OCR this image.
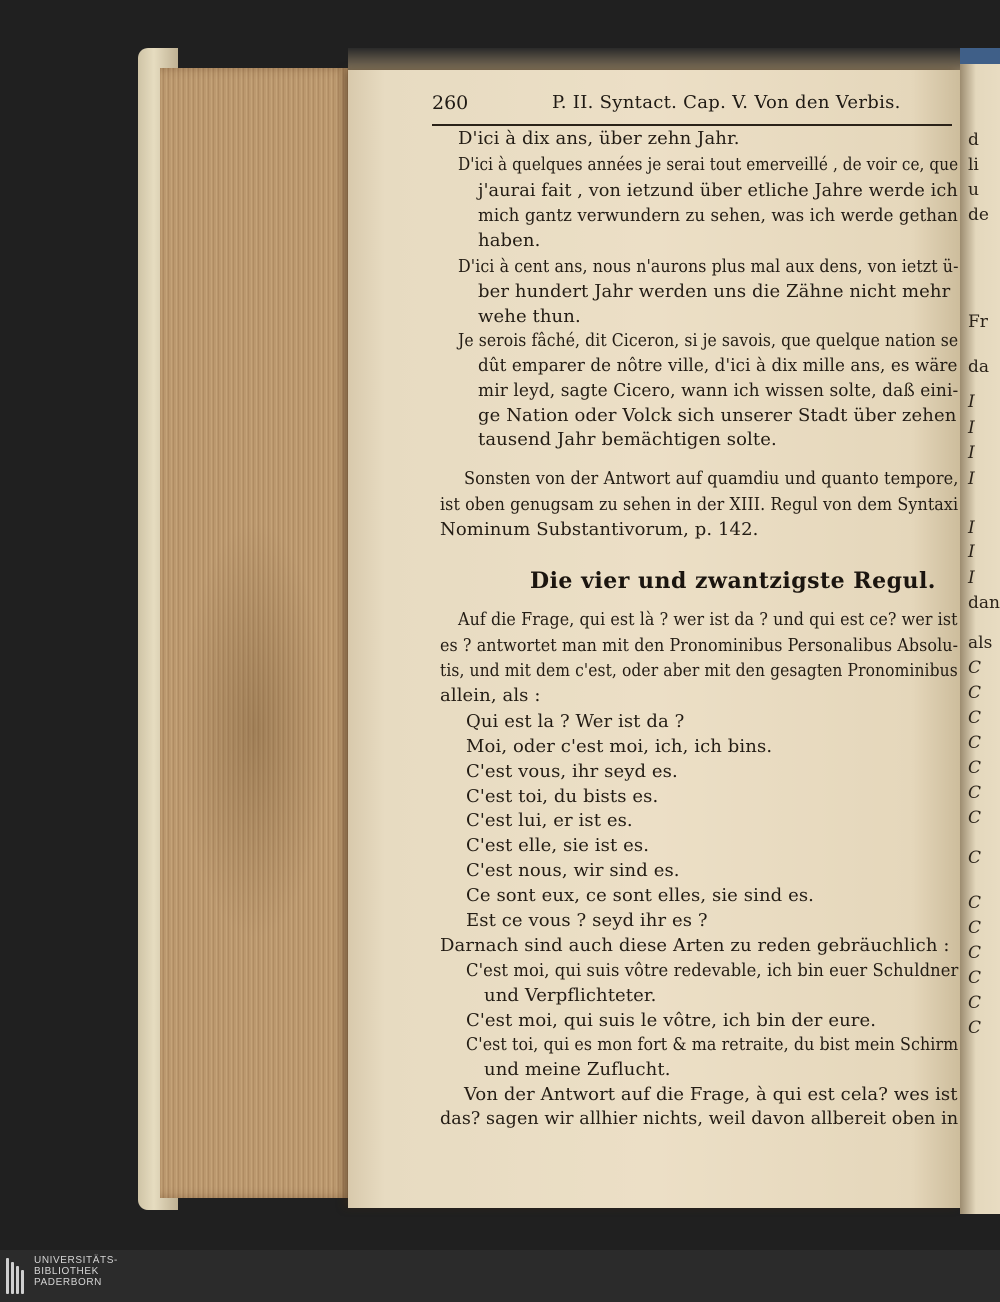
260	P. II. Syntact. Cap. V. Von den Verbis.
D'ici à dix ans, über zehn Jahr.
D'ici à quelques années je serai tout emerveillé , de voir ce, que
j'aurai fait , von ietzund über etliche Jahre werde ich
mich gantz verwundern zu sehen, was ich werde gethan
haben.
D'ici à cent ans, nous n'aurons plus mal aux dens, von ietzt ü-
ber hundert Jahr werden uns die Zähne nicht mehr
wehe thun.
Je serois fâché, dit Ciceron, si je savois, que quelque nation se
dût emparer de nôtre ville, d'ici à dix mille ans, es wäre
mir leyd, sagte Cicero, wann ich wissen solte, daß eini-
ge Nation oder Volck sich unserer Stadt über zehen
tausend Jahr bemächtigen solte.
Sonsten von der Antwort auf quamdiu und quanto tempore,
ist oben genugsam zu sehen in der XIII. Regul von dem Syntaxi
Nominum Substantivorum, p. 142.
Auf die Frage, qui est là ? wer ist da ? und qui est ce? wer ist
es ? antwortet man mit den Pronominibus Personalibus Absolu-
tis, und mit dem c'est, oder aber mit den gesagten Pronominibus
allein, als :
Qui est la ? Wer ist da ?
Moi, oder c'est moi, ich, ich bins.
C'est vous, ihr seyd es.
C'est toi, du bists es.
C'est lui, er ist es.
C'est elle, sie ist es.
C'est nous, wir sind es.
Ce sont eux, ce sont elles, sie sind es.
Est ce vous ? seyd ihr es ?
Darnach sind auch diese Arten zu reden gebräuchlich :
C'est moi, qui suis vôtre redevable, ich bin euer Schuldner
und Verpflichteter.
C'est moi, qui suis le vôtre, ich bin der eure.
C'est toi, qui es mon fort & ma retraite, du bist mein Schirm
und meine Zuflucht.
Von der Antwort auf die Frage, à qui est cela? wes ist
das? sagen wir allhier nichts, weil davon allbereit oben in
Die vier und zwantzigste Regul.
d
li
u
de
Fr
da
I
I
I
I
I
I
I
dan
als
C
C
C
C
C
C
C
C
C
C
C
C
C
C
UNIVERSITÄTS-
BIBLIOTHEK
PADERBORN
